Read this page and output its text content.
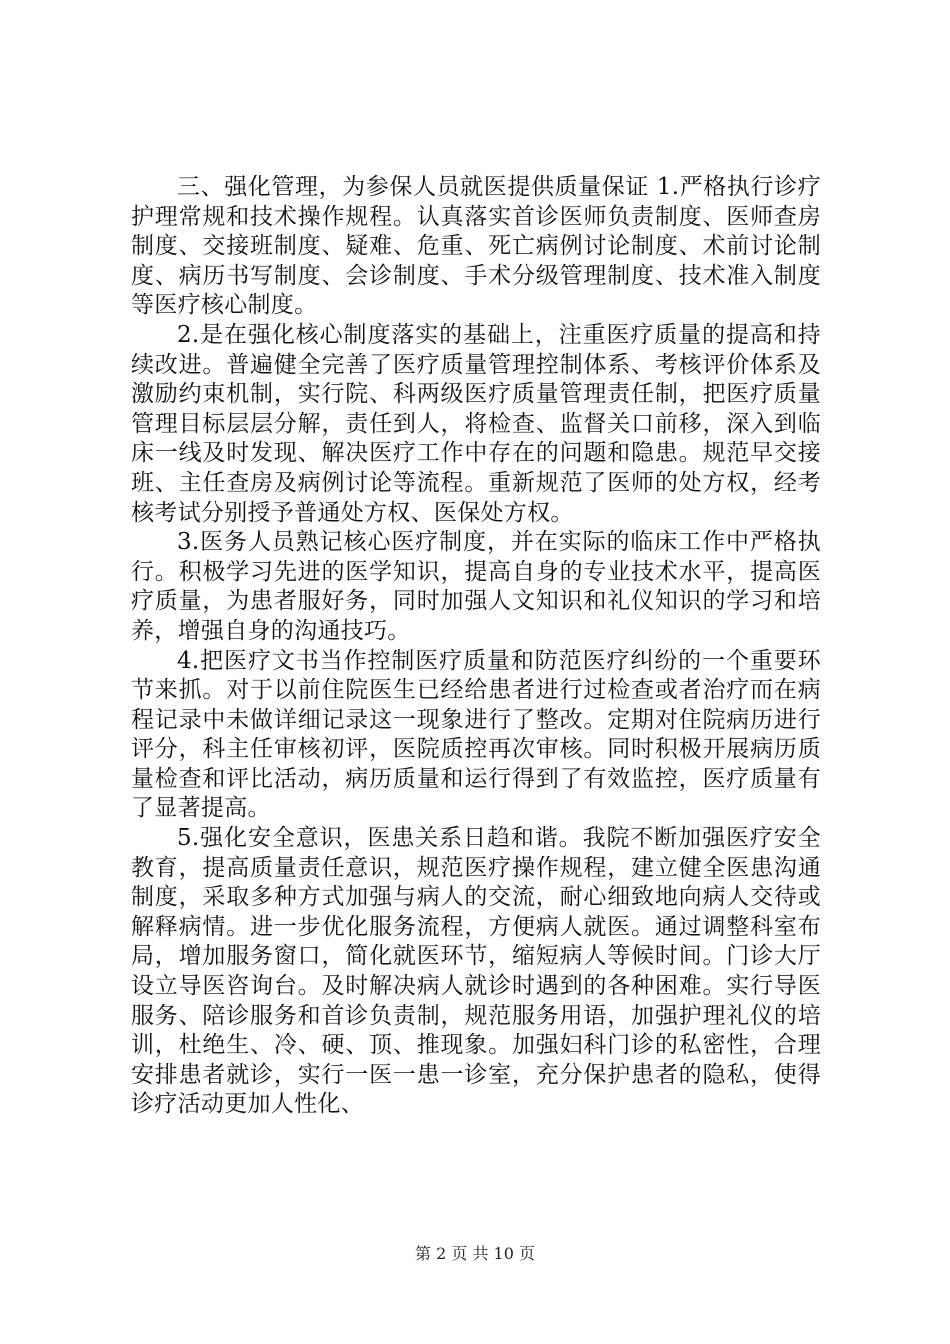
三、强化管理，为参保人员就医提供质量保证 1.严格执行诊疗护理常规和技术操作规程。认真落实首诊医师负责制度、医师查房制度、交接班制度、疑难、危重、死亡病例讨论制度、术前讨论制度、病历书写制度、会诊制度、手术分级管理制度、技术准入制度等医疗核心制度。

2.是在强化核心制度落实的基础上，注重医疗质量的提高和持续改进。普遍健全完善了医疗质量管理控制体系、考核评价体系及激励约束机制，实行院、科两级医疗质量管理责任制，把医疗质量管理目标层层分解，责任到人，将检查、监督关口前移，深入到临床一线及时发现、解决医疗工作中存在的问题和隐患。规范早交接班、主任查房及病例讨论等流程。重新规范了医师的处方权，经考核考试分别授予普通处方权、医保处方权。

3.医务人员熟记核心医疗制度，并在实际的临床工作中严格执行。积极学习先进的医学知识，提高自身的专业技术水平，提高医疗质量，为患者服好务，同时加强人文知识和礼仪知识的学习和培养，增强自身的沟通技巧。

4.把医疗文书当作控制医疗质量和防范医疗纠纷的一个重要环节来抓。对于以前住院医生已经给患者进行过检查或者治疗而在病程记录中未做详细记录这一现象进行了整改。定期对住院病历进行评分，科主任审核初评，医院质控再次审核。同时积极开展病历质量检查和评比活动，病历质量和运行得到了有效监控，医疗质量有了显著提高。

5.强化安全意识，医患关系日趋和谐。我院不断加强医疗安全教育，提高质量责任意识，规范医疗操作规程，建立健全医患沟通制度，采取多种方式加强与病人的交流，耐心细致地向病人交待或解释病情。进一步优化服务流程，方便病人就医。通过调整科室布局，增加服务窗口，简化就医环节，缩短病人等候时间。门诊大厅设立导医咨询台。及时解决病人就诊时遇到的各种困难。实行导医服务、陪诊服务和首诊负责制，规范服务用语，加强护理礼仪的培训，杜绝生、冷、硬、顶、推现象。加强妇科门诊的私密性，合理安排患者就诊，实行一医一患一诊室，充分保护患者的隐私，使得诊疗活动更加人性化、

第 2 页 共 10 页
